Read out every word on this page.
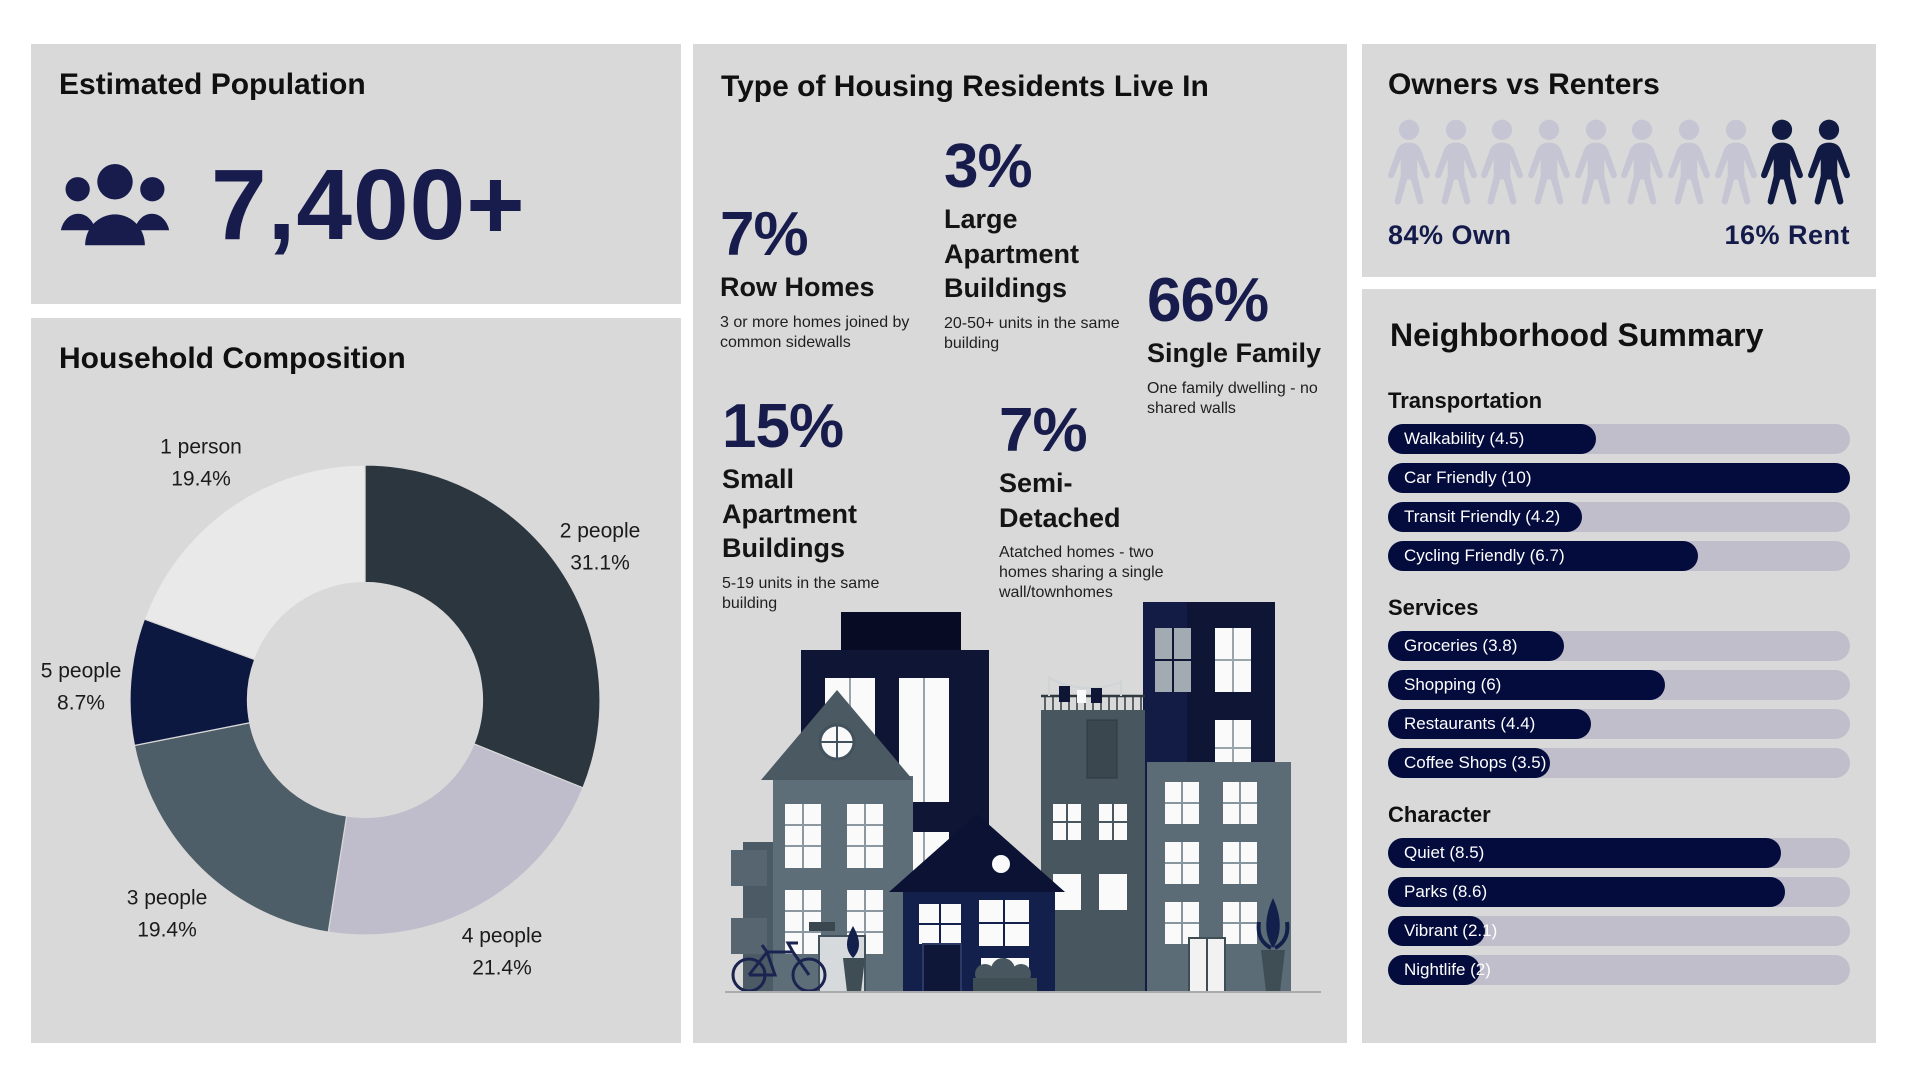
Estimated Population
7,400+
Household Composition
2 people
31.1%
4 people
21.4%
3 people
19.4%
5 people
8.7%
1 person
19.4%
Type of Housing Residents Live In
7%
Row Homes
3 or more homes joined by common sidewalls
3%
Large Apartment Buildings
20-50+ units in the same building
66%
Single Family
One family dwelling - no shared walls
15%
Small Apartment Buildings
5-19 units in the same building
7%
Semi- Detached
Atatched homes - two homes sharing a single wall/townhomes
Owners vs Renters
84% Own	16% Rent
Neighborhood Summary
Transportation
Walkability (4.5)
Car Friendly (10)
Transit Friendly (4.2)
Cycling Friendly (6.7)
Services
Groceries (3.8)
Shopping (6)
Restaurants (4.4)
Coffee Shops (3.5)
Character
Quiet (8.5)
Parks (8.6)
Vibrant (2.1)
Nightlife (2)
